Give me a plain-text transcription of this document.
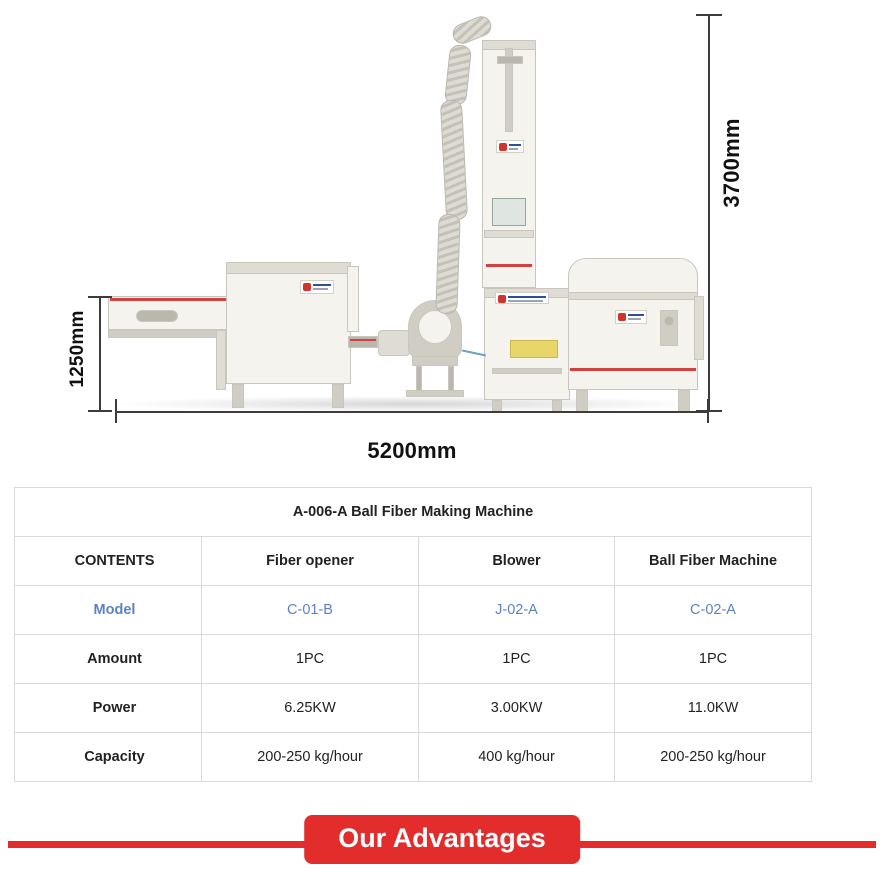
3700mm
5200mm
1250mm
A-006-A Ball Fiber Making Machine			
CONTENTS	Fiber opener	Blower	Ball Fiber Machine
Model	C-01-B	J-02-A	C-02-A
Amount	1PC	1PC	1PC
Power	6.25KW	3.00KW	11.0KW
Capacity	200-250 kg/hour	400 kg/hour	200-250 kg/hour
Our Advantages
